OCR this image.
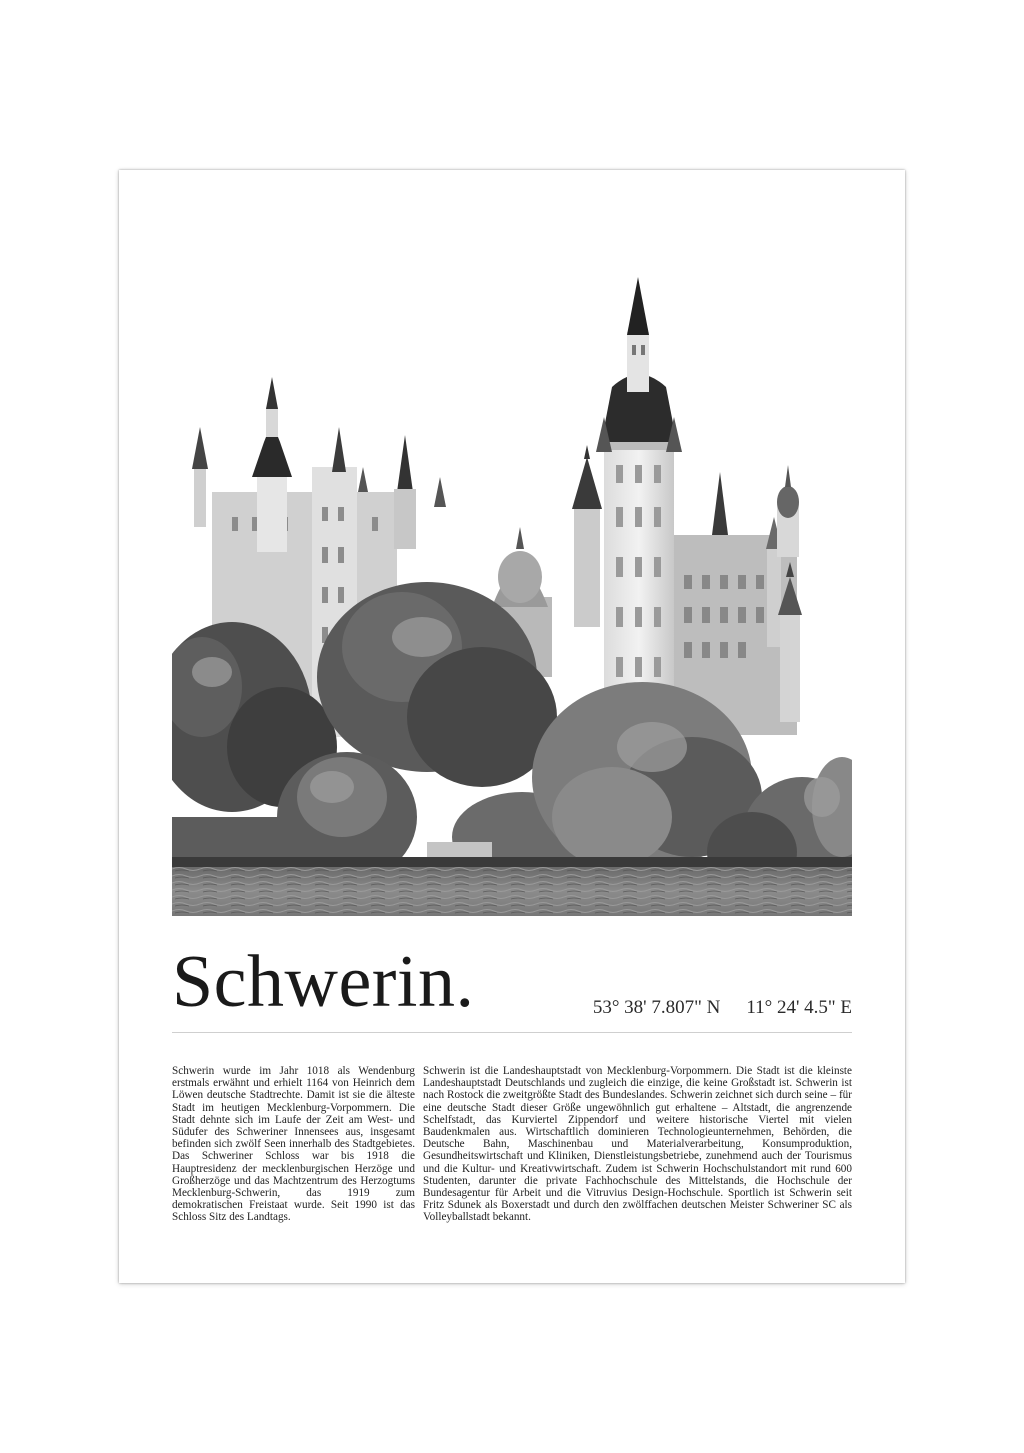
Schwerin.	53° 38' 7.807" N 11° 24' 4.5" E
Schwerin wurde im Jahr 1018 als Wendenburg erstmals erwähnt und erhielt 1164 von Heinrich dem Löwen deutsche Stadtrechte. Damit ist sie die älteste Stadt im heutigen Mecklenburg-Vorpommern. Die Stadt dehnte sich im Laufe der Zeit am West- und Südufer des Schweriner Innensees aus, insgesamt befinden sich zwölf Seen innerhalb des Stadtgebietes. Das Schweriner Schloss war bis 1918 die Hauptresidenz der mecklenburgischen Herzöge und Großherzöge und das Machtzentrum des Herzogtums Mecklenburg-Schwerin, das 1919 zum demokratischen Freistaat wurde. Seit 1990 ist das Schloss Sitz des Landtags.
Schwerin ist die Landeshauptstadt von Mecklenburg-Vorpommern. Die Stadt ist die kleinste Landeshauptstadt Deutschlands und zugleich die einzige, die keine Großstadt ist. Schwerin ist nach Rostock die zweitgrößte Stadt des Bundeslandes. Schwerin zeichnet sich durch seine – für eine deutsche Stadt dieser Größe ungewöhnlich gut erhaltene – Altstadt, die angrenzende Schelfstadt, das Kurviertel Zippendorf und weitere historische Viertel mit vielen Baudenkmalen aus. Wirtschaftlich dominieren Technologieunternehmen, Behörden, die Deutsche Bahn, Maschinenbau und Materialverarbeitung, Konsumproduktion, Gesundheitswirtschaft und Kliniken, Dienstleistungsbetriebe, zunehmend auch der Tourismus und die Kultur- und Kreativwirtschaft. Zudem ist Schwerin Hochschulstandort mit rund 600 Studenten, darunter die private Fachhochschule des Mittelstands, die Hochschule der Bundesagentur für Arbeit und die Vitruvius Design-Hochschule. Sportlich ist Schwerin seit Fritz Sdunek als Boxerstadt und durch den zwölffachen deutschen Meister Schweriner SC als Volleyballstadt bekannt.
